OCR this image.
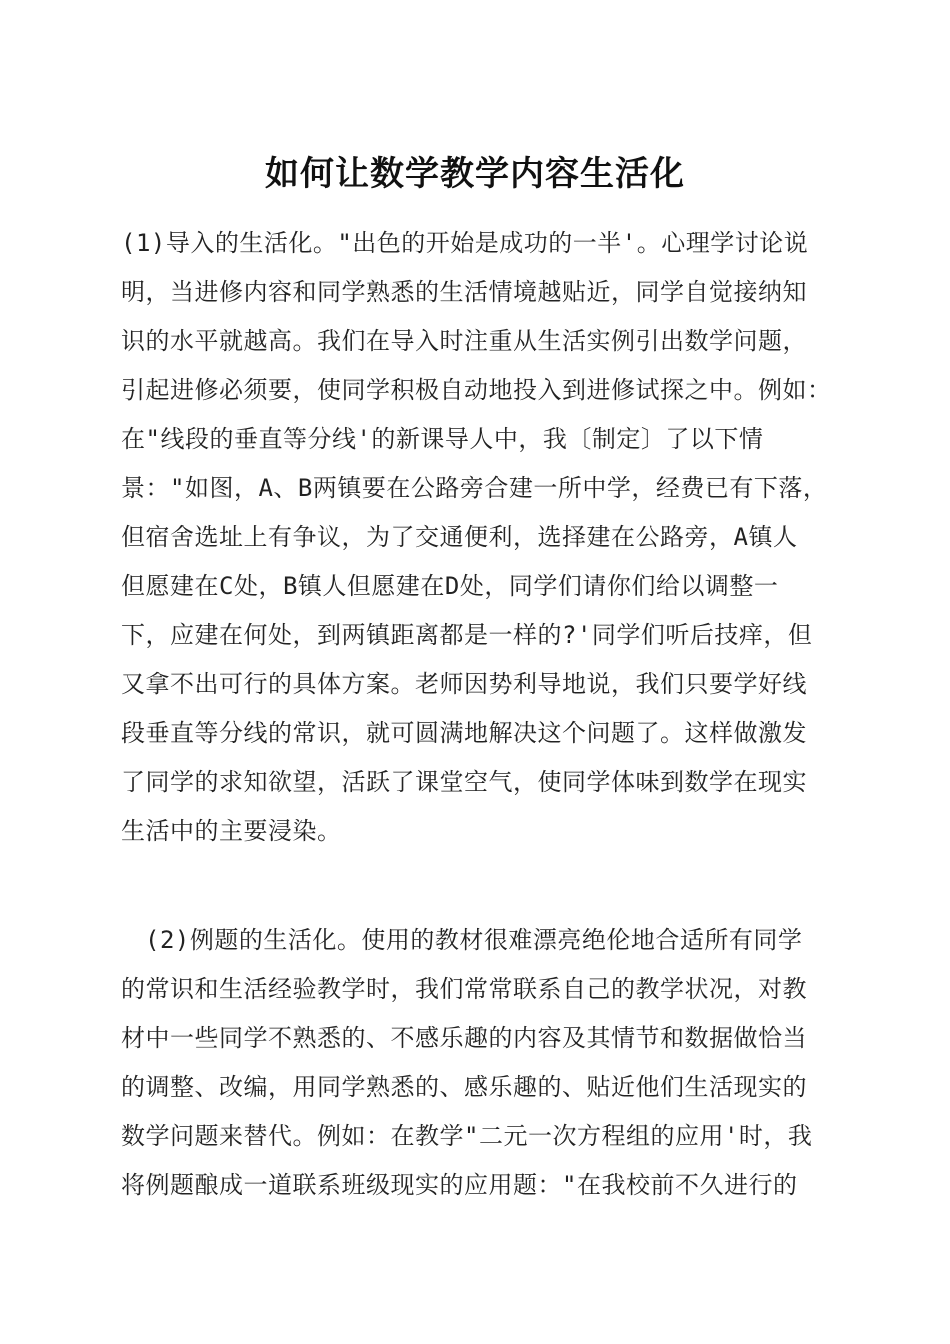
如何让数学教学内容生活化

(1)导入的生活化。"出色的开始是成功的一半'。心理学讨论说

明，当进修内容和同学熟悉的生活情境越贴近，同学自觉接纳知

识的水平就越高。我们在导入时注重从生活实例引出数学问题，

引起进修必须要，使同学积极自动地投入到进修试探之中。例如：

在"线段的垂直等分线'的新课导人中，我〔制定〕了以下情

景："如图，A、B两镇要在公路旁合建一所中学，经费已有下落，

但宿舍选址上有争议，为了交通便利，选择建在公路旁，A镇人

但愿建在C处，B镇人但愿建在D处，同学们请你们给以调整一

下，应建在何处，到两镇距离都是一样的?'同学们听后技痒，但

又拿不出可行的具体方案。老师因势利导地说，我们只要学好线

段垂直等分线的常识，就可圆满地解决这个问题了。这样做激发

了同学的求知欲望，活跃了课堂空气，使同学体味到数学在现实

生活中的主要浸染。

(2)例题的生活化。使用的教材很难漂亮绝伦地合适所有同学

的常识和生活经验教学时，我们常常联系自己的教学状况，对教

材中一些同学不熟悉的、不感乐趣的内容及其情节和数据做恰当

的调整、改编，用同学熟悉的、感乐趣的、贴近他们生活现实的

数学问题来替代。例如：在教学"二元一次方程组的应用'时，我

将例题酿成一道联系班级现实的应用题："在我校前不久进行的
